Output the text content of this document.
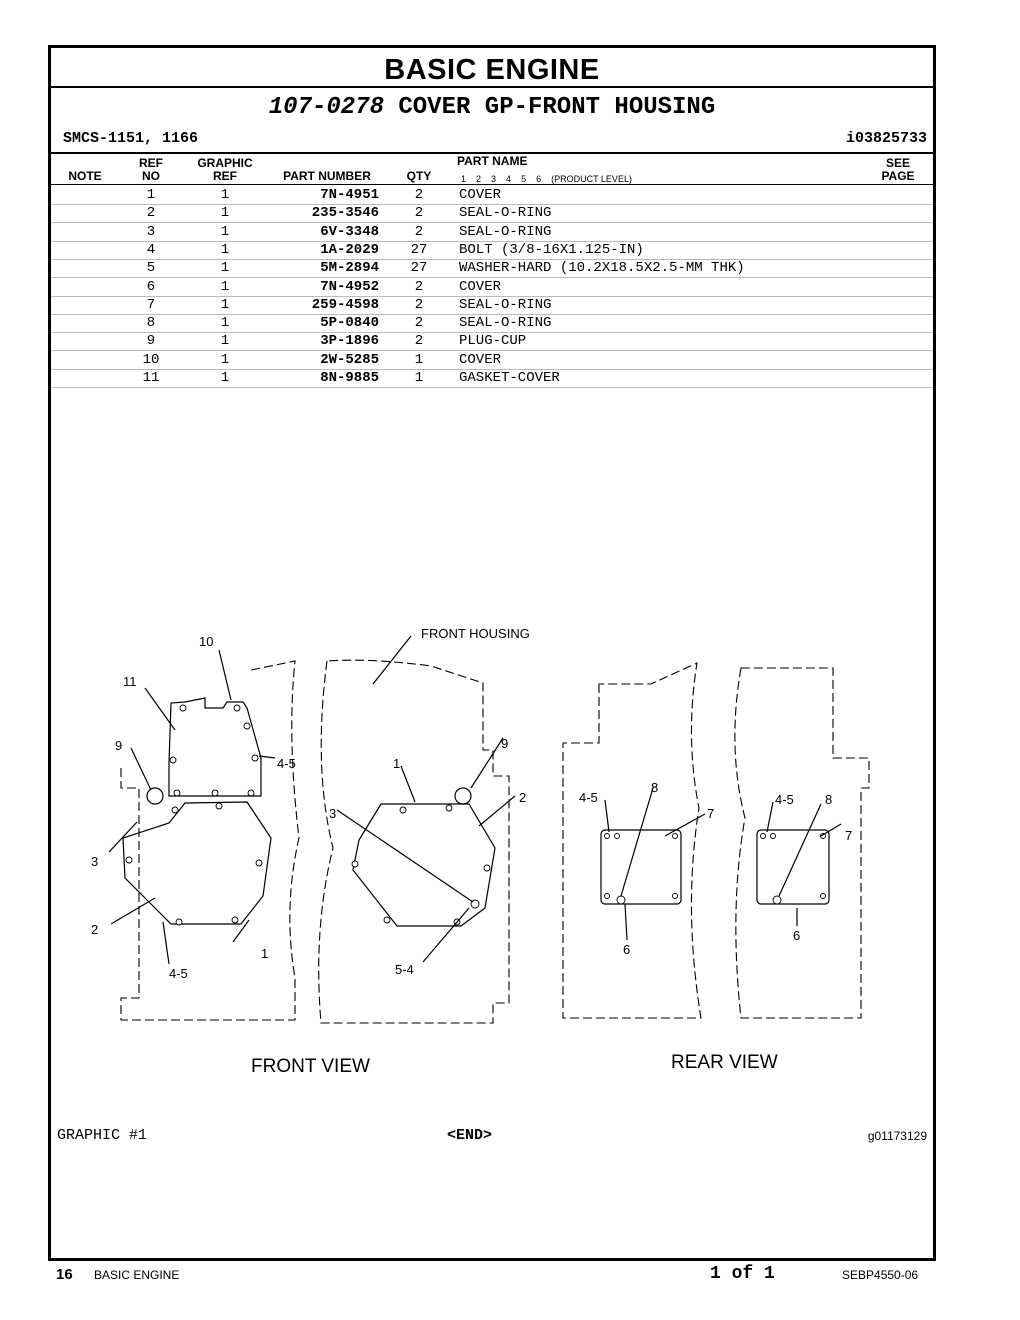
BASIC ENGINE
107-0278 COVER GP-FRONT HOUSING
SMCS-1151, 1166	i03825733
NOTE
REF
NO
GRAPHIC
REF	PART NUMBER	QTY
PART NAME
1 2 3 4 5 6 (PRODUCT LEVEL)
SEE
PAGE
1	1	7N-4951	2	COVER
2	1	235-3546	2	SEAL-O-RING
3	1	6V-3348	2	SEAL-O-RING
4	1	1A-2029	27	BOLT (3/8-16X1.125-IN)
5	1	5M-2894	27	WASHER-HARD (10.2X18.5X2.5-MM THK)
6	1	7N-4952	2	COVER
7	1	259-4598	2	SEAL-O-RING
8	1	5P-0840	2	SEAL-O-RING
9	1	3P-1896	2	PLUG-CUP
10	1	2W-5285	1	COVER
11	1	8N-9885	1	GASKET-COVER
10
11
9
4-5	1
3
2
4-5
1
FRONT HOUSING
9
2
3
5-4
4-5
8
7
6
4-5 8
7
6
FRONT VIEW	REAR VIEW
GRAPHIC #1	<END>	g01173129
16 BASIC ENGINE	1 of 1	SEBP4550-06
